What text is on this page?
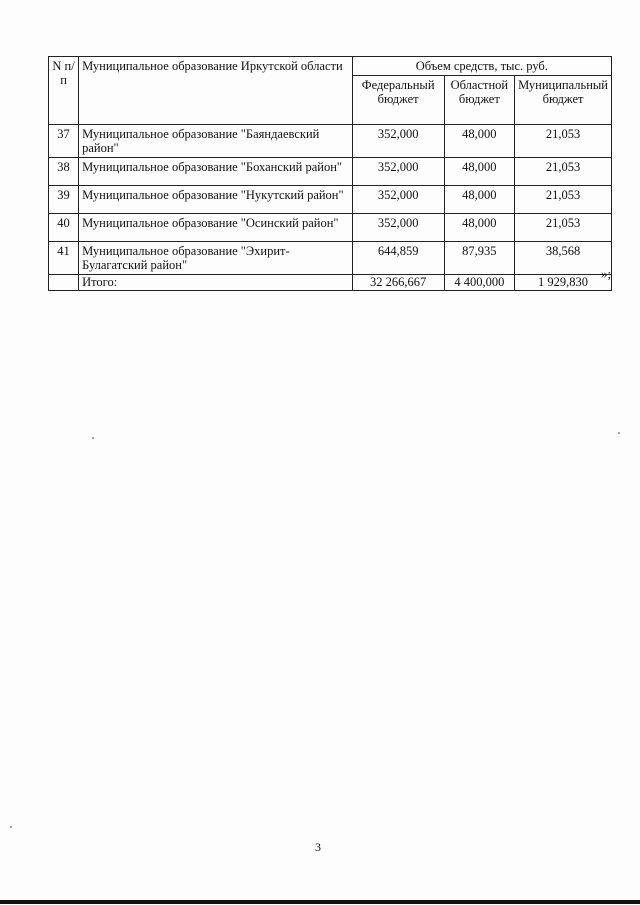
N п/п	Муниципальное образование Иркутской области	Объем средств, тыс. руб.		
		Федеральный бюджет	Областной бюджет	Муниципальный бюджет
37	Муниципальное образование "Баяндаевский район"	352,000	48,000	21,053
38	Муниципальное образование "Боханский район"	352,000	48,000	21,053
39	Муниципальное образование "Нукутский район"	352,000	48,000	21,053
40	Муниципальное образование "Осинский район"	352,000	48,000	21,053
41	Муниципальное образование "Эхирит-Булагатский район"	644,859	87,935	38,568
	Итого:	32 266,667	4 400,000	1 929,830
»;
3
